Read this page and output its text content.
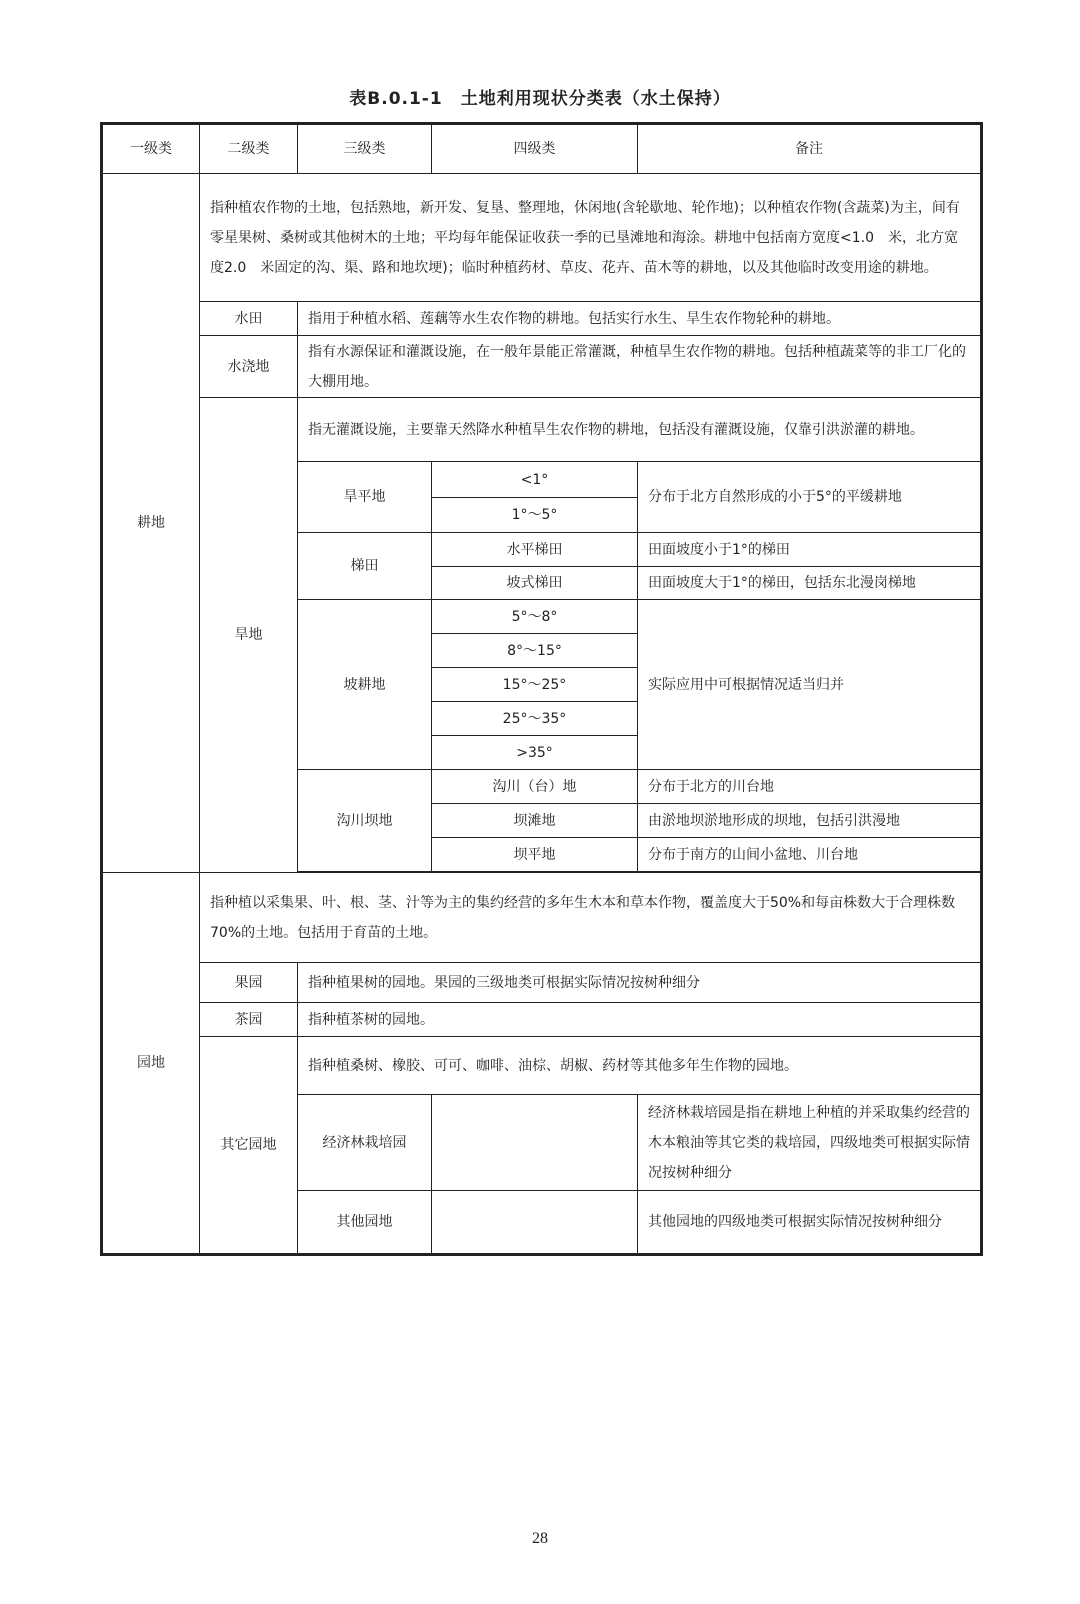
表B.0.1-1　土地利用现状分类表（水土保持）
一级类	二级类	三级类	四级类	备注
耕地	指种植农作物的土地，包括熟地，新开发、复垦、整理地，休闲地(含轮歇地、轮作地)；以种植农作物(含蔬菜)为主，间有零星果树、桑树或其他树木的土地；平均每年能保证收获一季的已垦滩地和海涂。耕地中包括南方宽度<1.0　米，北方宽度2.0　米固定的沟、渠、路和地坎埂)；临时种植药材、草皮、花卉、苗木等的耕地，以及其他临时改变用途的耕地。			
	水田	指用于种植水稻、莲藕等水生农作物的耕地。包括实行水生、旱生农作物轮种的耕地。		
	水浇地	指有水源保证和灌溉设施，在一般年景能正常灌溉，种植旱生农作物的耕地。包括种植蔬菜等的非工厂化的大棚用地。		
	旱地	指无灌溉设施，主要靠天然降水种植旱生农作物的耕地，包括没有灌溉设施，仅靠引洪淤灌的耕地。		
		旱平地	<1°	分布于北方自然形成的小于5°的平缓耕地
			1°～5°	
		梯田	水平梯田	田面坡度小于1°的梯田
			坡式梯田	田面坡度大于1°的梯田，包括东北漫岗梯地
		坡耕地	5°～8°	实际应用中可根据情况适当归并
			8°～15°	
			15°～25°	
			25°～35°	
			>35°	
		沟川坝地	沟川（台）地	分布于北方的川台地
			坝滩地	由淤地坝淤地形成的坝地，包括引洪漫地
			坝平地	分布于南方的山间小盆地、川台地

园地	指种植以采集果、叶、根、茎、汁等为主的集约经营的多年生木本和草本作物，覆盖度大于50%和每亩株数大于合理株数70%的土地。包括用于育苗的土地。			
	果园	指种植果树的园地。果园的三级地类可根据实际情况按树种细分		
	茶园	指种植茶树的园地。		
	其它园地	指种植桑树、橡胶、可可、咖啡、油棕、胡椒、药材等其他多年生作物的园地。		
		经济林栽培园		经济林栽培园是指在耕地上种植的并采取集约经营的木本粮油等其它类的栽培园，四级地类可根据实际情况按树种细分
		其他园地		其他园地的四级地类可根据实际情况按树种细分
28
